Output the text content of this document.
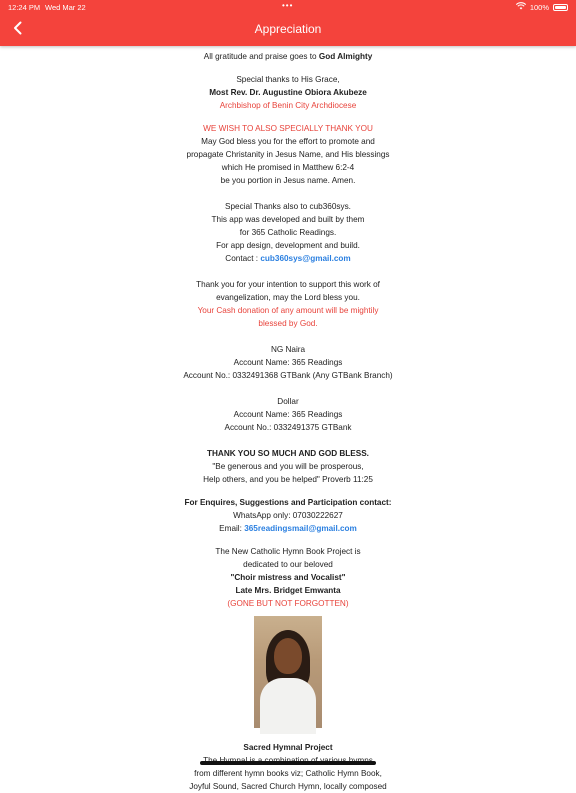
12:24 PM Wed Mar 22	•••	100%
Appreciation

All gratitude and praise goes to God Almighty

Special thanks to His Grace,

Most Rev. Dr. Augustine Obiora Akubeze

Archbishop of Benin City Archdiocese

WE WISH TO ALSO SPECIALLY THANK YOU

May God bless you for the effort to promote and

propagate Christanity in Jesus Name, and His blessings

which He promised in Matthew 6:2-4

be you portion in Jesus name. Amen.

Special Thanks also to cub360sys.

This app was developed and built by them

for 365 Catholic Readings.

For app design, development and build.

Contact : cub360sys@gmail.com

Thank you for your intention to support this work of

evangelization, may the Lord bless you.

Your Cash donation of any amount will be mightily

blessed by God.

NG Naira

Account Name: 365 Readings

Account No.: 0332491368 GTBank (Any GTBank Branch)

Dollar

Account Name: 365 Readings

Account No.: 0332491375 GTBank

THANK YOU SO MUCH AND GOD BLESS.

"Be generous and you will be prosperous,

Help others, and you be helped" Proverb 11:25

For Enquires, Suggestions and Participation contact:

WhatsApp only: 07030222627

Email: 365readingsmail@gmail.com

The New Catholic Hymn Book Project is

dedicated to our beloved

"Choir mistress and Vocalist"

Late Mrs. Bridget Emwanta

(GONE BUT NOT FORGOTTEN)

Sacred Hymnal Project

from different hymn books viz; Catholic Hymn Book,

Joyful Sound, Sacred Church Hymn, locally composed
